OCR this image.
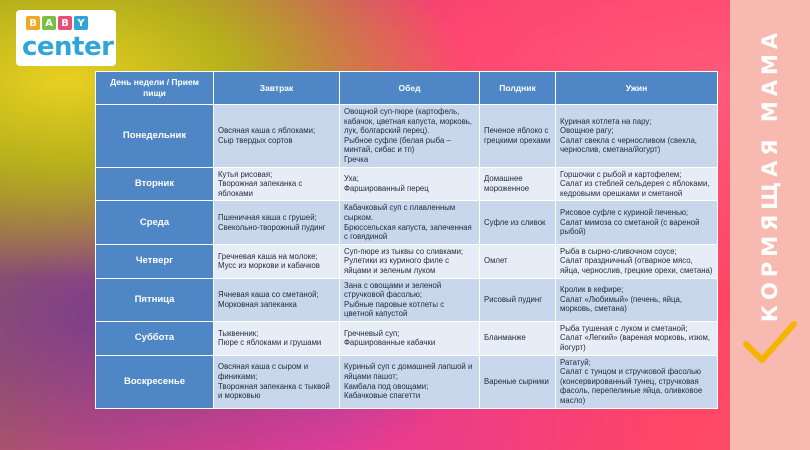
B A B Y
center
День недели / Прием пищи	Завтрак	Обед	Полдник	Ужин
Понедельник	Овсяная каша с яблоками;
Сыр твердых сортов	Овощной суп-пюре (картофель, кабачок, цветная капуста, морковь, лук, болгарский перец).
Рыбное суфле (белая рыба – минтай, сибас и тп)
Гречка	Печеное яблоко с грецкими орехами	Куриная котлета на пару;
Овощное рагу;
Салат свекла с черносливом (свекла, чернослив, сметана/йогурт)
Вторник	Кутья рисовая;
Творожная запеканка с яблоками	Уха;
Фаршированный перец	Домашнее мороженное	Горшочки с рыбой и картофелем;
Салат из стеблей сельдерея с яблоками, кедровыми орешками и сметаной
Среда	Пшеничная каша с грушей;
Свекольно-творожный пудинг	Кабачковый суп с плавленным сырком.
Брюссельская капуста, запеченная с говядиной	Суфле из сливок	Рисовое суфле с куриной печенью;
Салат мимоза со сметаной (с вареной рыбой)
Четверг	Гречневая каша на молоке;
Мусс из моркови и кабачков	Суп-пюре из тыквы со сливками;
Рулетики из куриного филе с яйцами и зеленым луком	Омлет	Рыба в сырно-сливочном соусе;
Салат праздничный (отварное мясо, яйца, чернослив, грецкие орехи, сметана)
Пятница	Ячневая каша со сметаной;
Морковная запеканка	Зана с овощами и зеленой стручковой фасолью;
Рыбные паровые котлеты с цветной капустой	Рисовый пудинг	Кролик в кефире;
Салат «Любимый» (печень, яйца, морковь, сметана)
Суббота	Тыквенник;
Пюре с яблоками и грушами	Гречневый суп;
Фаршированные кабачки	Бланманже	Рыба тушеная с луком и сметаной;
Салат «Легкий» (вареная морковь, изюм, йогурт)
Воскресенье	Овсяная каша с сыром и финиками;
Творожная запеканка с тыквой и морковью	Куриный суп с домашней лапшой и яйцами пашот;
Камбала под овощами;
Кабачковые спагетти	Вареные сырники	Рататуй;
Салат с тунцом и стручковой фасолью (консервированный тунец, стручковая фасоль, перепелиные яйца, оливковое масло)
КОРМЯЩАЯ МАМА
